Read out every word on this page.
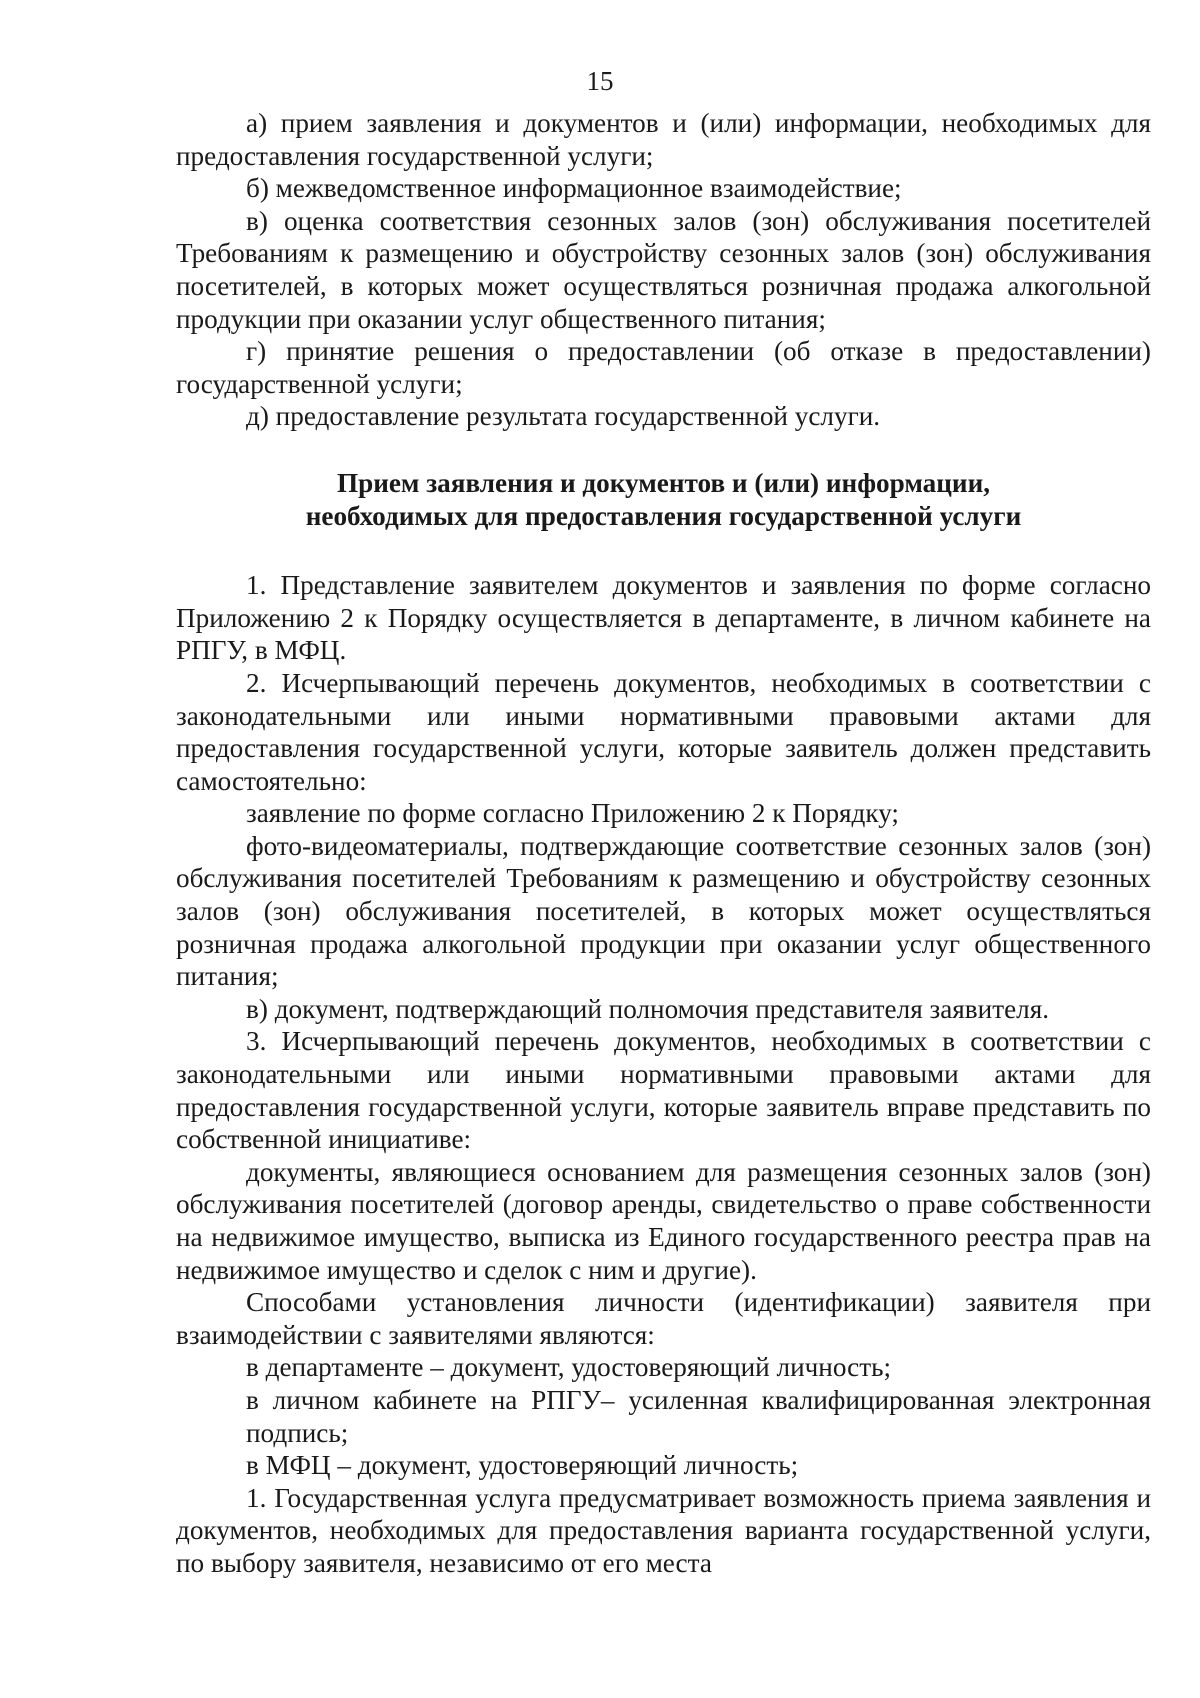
15

а) прием заявления и документов и (или) информации, необходимых для предоставления государственной услуги;

б) межведомственное информационное взаимодействие;

в) оценка соответствия сезонных залов (зон) обслуживания посетителей Требованиям к размещению и обустройству сезонных залов (зон) обслуживания посетителей, в которых может осуществляться розничная продажа алкогольной продукции при оказании услуг общественного питания;

г) принятие решения о предоставлении (об отказе в предоставлении) государственной услуги;

д) предоставление результата государственной услуги.

Прием заявления и документов и (или) информации,
необходимых для предоставления государственной услуги

1. Представление заявителем документов и заявления по форме согласно Приложению 2 к Порядку осуществляется в департаменте, в личном кабинете на РПГУ, в МФЦ.

2. Исчерпывающий перечень документов, необходимых в соответствии с законодательными или иными нормативными правовыми актами для предоставления государственной услуги, которые заявитель должен представить самостоятельно:

заявление по форме согласно Приложению 2 к Порядку;

фото-видеоматериалы, подтверждающие соответствие сезонных залов (зон) обслуживания посетителей Требованиям к размещению и обустройству сезонных залов (зон) обслуживания посетителей, в которых может осуществляться розничная продажа алкогольной продукции при оказании услуг общественного питания;

в) документ, подтверждающий полномочия представителя заявителя.

3. Исчерпывающий перечень документов, необходимых в соответствии с законодательными или иными нормативными правовыми актами для предоставления государственной услуги, которые заявитель вправе представить по собственной инициативе:

документы, являющиеся основанием для размещения сезонных залов (зон) обслуживания посетителей (договор аренды, свидетельство о праве собственности на недвижимое имущество, выписка из Единого государственного реестра прав на недвижимое имущество и сделок с ним и другие).

Способами установления личности (идентификации) заявителя при взаимодействии с заявителями являются:

в департаменте – документ, удостоверяющий личность;

в личном кабинете на РПГУ– усиленная квалифицированная электронная подпись;

в МФЦ – документ, удостоверяющий личность;

1. Государственная услуга предусматривает возможность приема заявления и документов, необходимых для предоставления варианта государственной услуги, по выбору заявителя, независимо от его места
